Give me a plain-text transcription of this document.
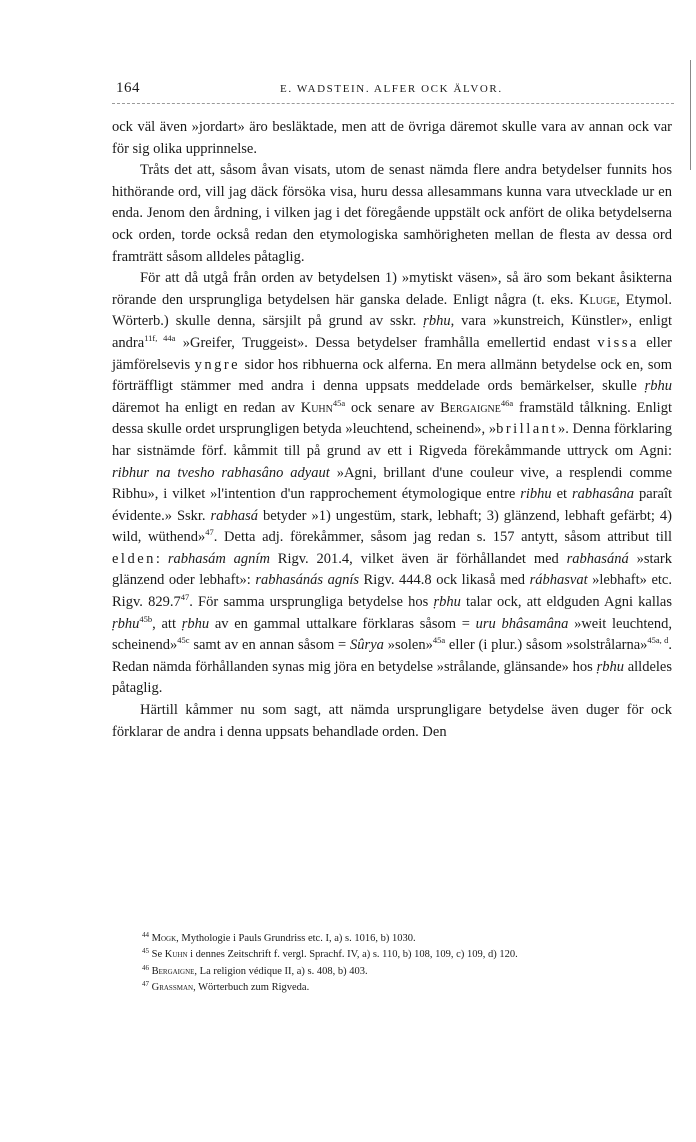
164	E. WADSTEIN. ALFER OCK ÄLVOR.

ock väl även »jordart» äro besläktade, men att de övriga däremot skulle vara av annan ock var för sig olika upprinnelse.

Tråts det att, såsom åvan visats, utom de senast nämda flere andra betydelser funnits hos hithörande ord, vill jag däck försöka visa, huru dessa allesammans kunna vara utvecklade ur en enda. Jenom den årdning, i vilken jag i det föregående uppstält ock anfört de olika betydelserna ock orden, torde också redan den etymologiska samhörigheten mellan de flesta av dessa ord framträtt såsom alldeles påtaglig.

För att då utgå från orden av betydelsen 1) »mytiskt väsen», så äro som bekant åsikterna rörande den ursprungliga betydelsen här ganska delade. Enligt några (t. eks. Kluge, Etymol. Wörterb.) skulle denna, särsjilt på grund av sskr. ṛbhu, vara »kunstreich, Künstler», enligt andra$^{11f, 44a}$ »Greifer, Truggeist». Dessa betydelser framhålla emellertid endast vissa eller jämförelsevis yngre sidor hos ribhuerna ock alferna. En mera allmänn betydelse ock en, som förträffligt stämmer med andra i denna uppsats meddelade ords bemärkelser, skulle ṛbhu däremot ha enligt en redan av Kuhn$^{45a}$ ock senare av Bergaigne$^{46a}$ framstäld tålkning. Enligt dessa skulle ordet ursprungligen betyda »leuchtend, scheinend», »brillant». Denna förklaring har sistnämde förf. kåmmit till på grund av ett i Rigveda förekåmmande uttryck om Agni: ribhur na tvesho rabhasâno adyaut »Agni, brillant d'une couleur vive, a resplendi comme Ribhu», i vilket »l'intention d'un rapprochement étymologique entre ribhu et rabhasâna paraît évidente.» Sskr. rabhasá betyder »1) ungestüm, stark, lebhaft; 3) glänzend, lebhaft gefärbt; 4) wild, wüthend»$^{47}$. Detta adj. förekåmmer, såsom jag redan s. 157 antytt, såsom attribut till elden: rabhasám agním Rigv. 201.4, vilket även är förhållandet med rabhasáná »stark glänzend oder lebhaft»: rabhasánás agnís Rigv. 444.8 ock likaså med rábhasvat »lebhaft» etc. Rigv. 829.7$^{47}$. För samma ursprungliga betydelse hos ṛbhu talar ock, att eldguden Agni kallas ṛbhu$^{45b}$, att ṛbhu av en gammal uttalkare förklaras såsom = uru bhâsamâna »weit leuchtend, scheinend»$^{45c}$ samt av en annan såsom = Sûrya »solen»$^{45a}$ eller (i plur.) såsom »solstrålarna»$^{45a, d}$. Redan nämda förhållanden synas mig jöra en betydelse »strålande, glänsande» hos ṛbhu alldeles påtaglig.

Härtill kåmmer nu som sagt, att nämda ursprungligare betydelse även duger för ock förklarar de andra i denna uppsats behandlade orden. Den

$^{44}$ Mogk, Mythologie i Pauls Grundriss etc. I, a) s. 1016, b) 1030.

$^{45}$ Se Kuhn i dennes Zeitschrift f. vergl. Sprachf. IV, a) s. 110, b) 108, 109, c) 109, d) 120.

$^{46}$ Bergaigne, La religion védique II, a) s. 408, b) 403.

$^{47}$ Grassman, Wörterbuch zum Rigveda.
